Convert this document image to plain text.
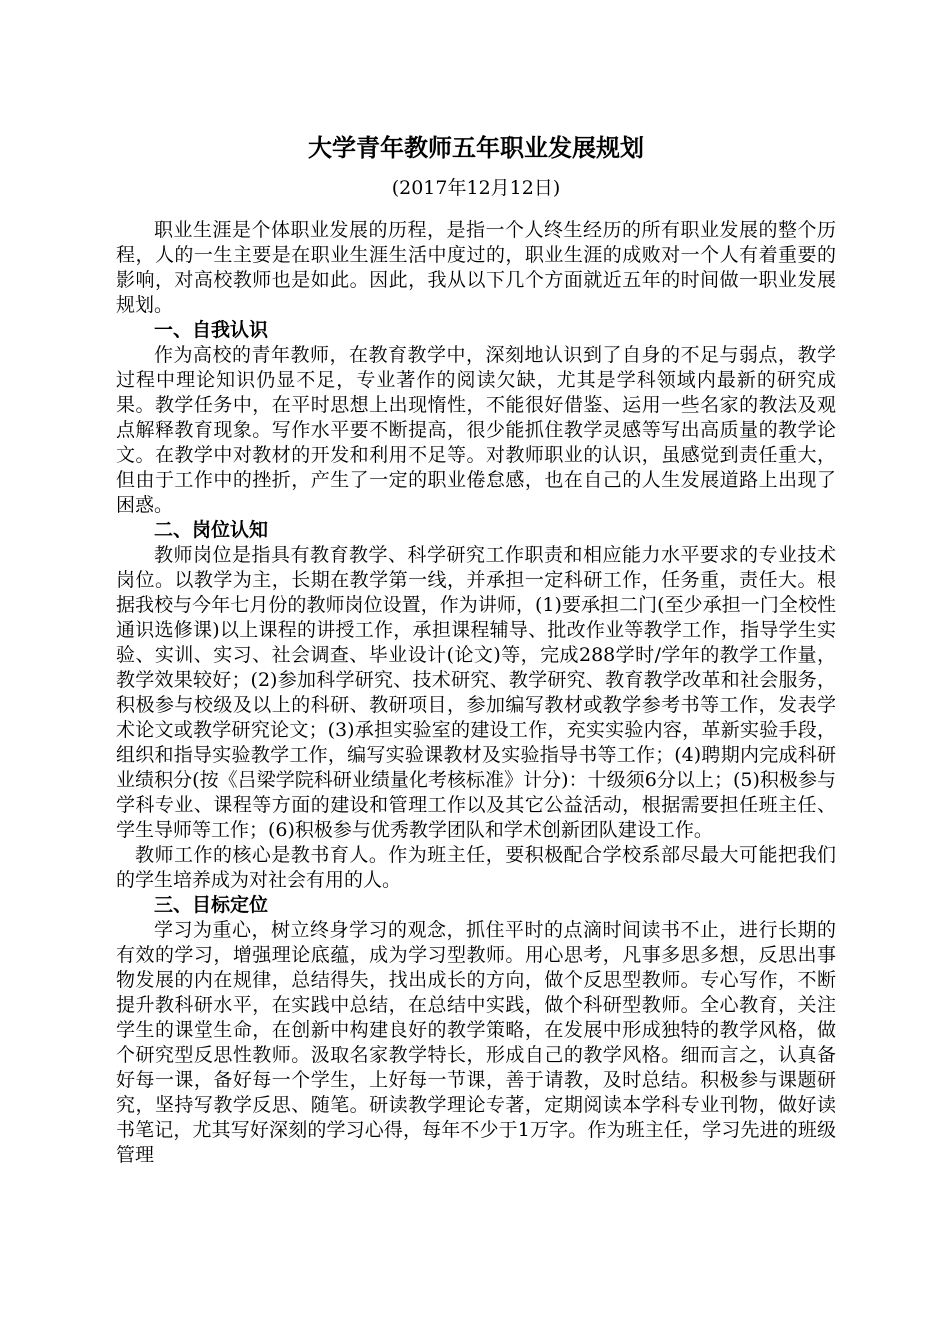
大学青年教师五年职业发展规划

(2017年12月12日)

职业生涯是个体职业发展的历程，是指一个人终生经历的所有职业发展的整个历程，人的一生主要是在职业生涯生活中度过的，职业生涯的成败对一个人有着重要的影响，对高校教师也是如此。因此，我从以下几个方面就近五年的时间做一职业发展规划。

一、自我认识

作为高校的青年教师，在教育教学中，深刻地认识到了自身的不足与弱点，教学过程中理论知识仍显不足，专业著作的阅读欠缺，尤其是学科领域内最新的研究成果。教学任务中，在平时思想上出现惰性，不能很好借鉴、运用一些名家的教法及观点解释教育现象。写作水平要不断提高，很少能抓住教学灵感等写出高质量的教学论文。在教学中对教材的开发和利用不足等。对教师职业的认识，虽感觉到责任重大，但由于工作中的挫折，产生了一定的职业倦怠感，也在自己的人生发展道路上出现了困惑。

二、岗位认知

教师岗位是指具有教育教学、科学研究工作职责和相应能力水平要求的专业技术岗位。以教学为主，长期在教学第一线，并承担一定科研工作，任务重，责任大。根据我校与今年七月份的教师岗位设置，作为讲师，(1)要承担二门(至少承担一门全校性通识选修课)以上课程的讲授工作，承担课程辅导、批改作业等教学工作，指导学生实验、实训、实习、社会调查、毕业设计(论文)等，完成288学时/学年的教学工作量，教学效果较好；(2)参加科学研究、技术研究、教学研究、教育教学改革和社会服务，积极参与校级及以上的科研、教研项目，参加编写教材或教学参考书等工作，发表学术论文或教学研究论文；(3)承担实验室的建设工作，充实实验内容，革新实验手段，组织和指导实验教学工作，编写实验课教材及实验指导书等工作；(4)聘期内完成科研业绩积分(按《吕梁学院科研业绩量化考核标准》计分)：十级须6分以上；(5)积极参与学科专业、课程等方面的建设和管理工作以及其它公益活动，根据需要担任班主任、学生导师等工作；(6)积极参与优秀教学团队和学术创新团队建设工作。

教师工作的核心是教书育人。作为班主任，要积极配合学校系部尽最大可能把我们的学生培养成为对社会有用的人。

三、目标定位

学习为重心，树立终身学习的观念，抓住平时的点滴时间读书不止，进行长期的有效的学习，增强理论底蕴，成为学习型教师。用心思考，凡事多思多想，反思出事物发展的内在规律，总结得失，找出成长的方向，做个反思型教师。专心写作，不断提升教科研水平，在实践中总结，在总结中实践，做个科研型教师。全心教育，关注学生的课堂生命，在创新中构建良好的教学策略，在发展中形成独特的教学风格，做个研究型反思性教师。汲取名家教学特长，形成自己的教学风格。细而言之，认真备好每一课，备好每一个学生，上好每一节课，善于请教，及时总结。积极参与课题研究，坚持写教学反思、随笔。研读教学理论专著，定期阅读本学科专业刊物，做好读书笔记，尤其写好深刻的学习心得，每年不少于1万字。作为班主任，学习先进的班级管理
